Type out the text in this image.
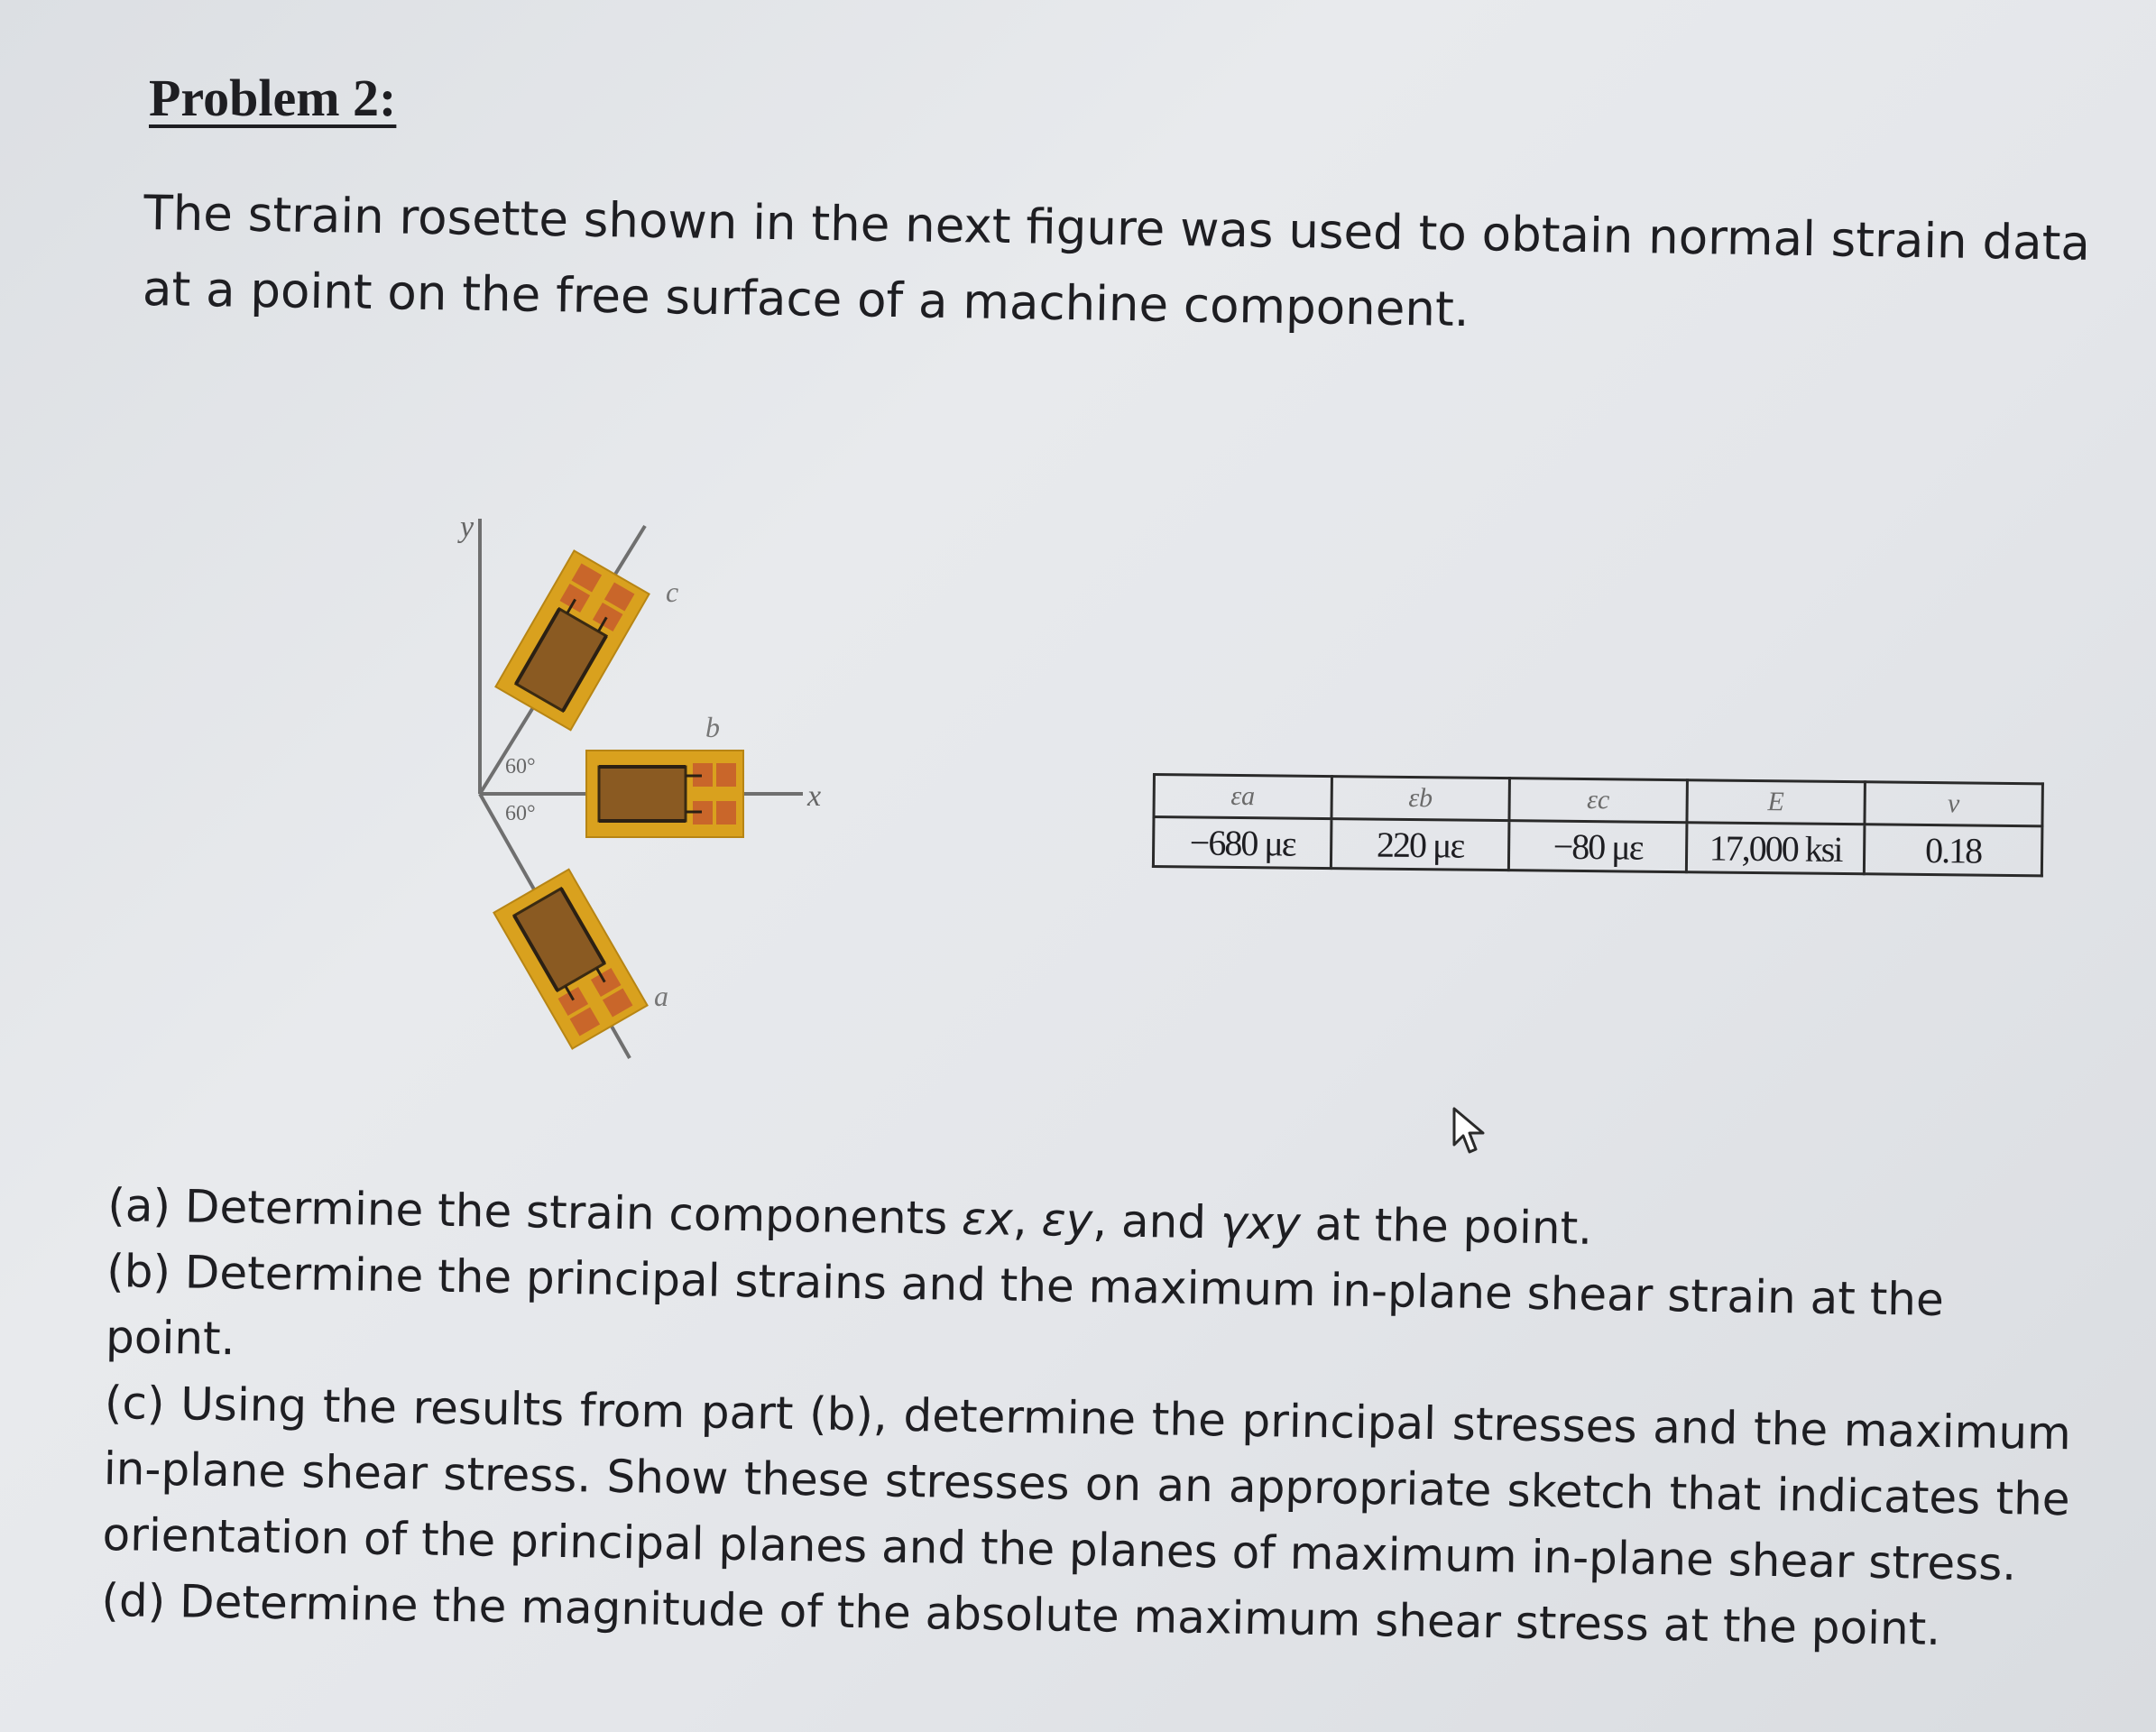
Problem 2:
The strain rosette shown in the next figure was used to obtain normal strain data at a point on the free surface of a machine component.
y
x
c
b
a
60°
60°
εa	εb	εc	E	ν
−680 με	220 με	−80 με	17,000 ksi	0.18

(a) Determine the strain components εx, εy, and γxy at the point.

(b) Determine the principal strains and the maximum in-plane shear strain at the point.

(c) Using the results from part (b), determine the principal stresses and the maximum in-plane shear stress. Show these stresses on an appropriate sketch that indicates the orientation of the principal planes and the planes of maximum in-plane shear stress.

(d) Determine the magnitude of the absolute maximum shear stress at the point.
